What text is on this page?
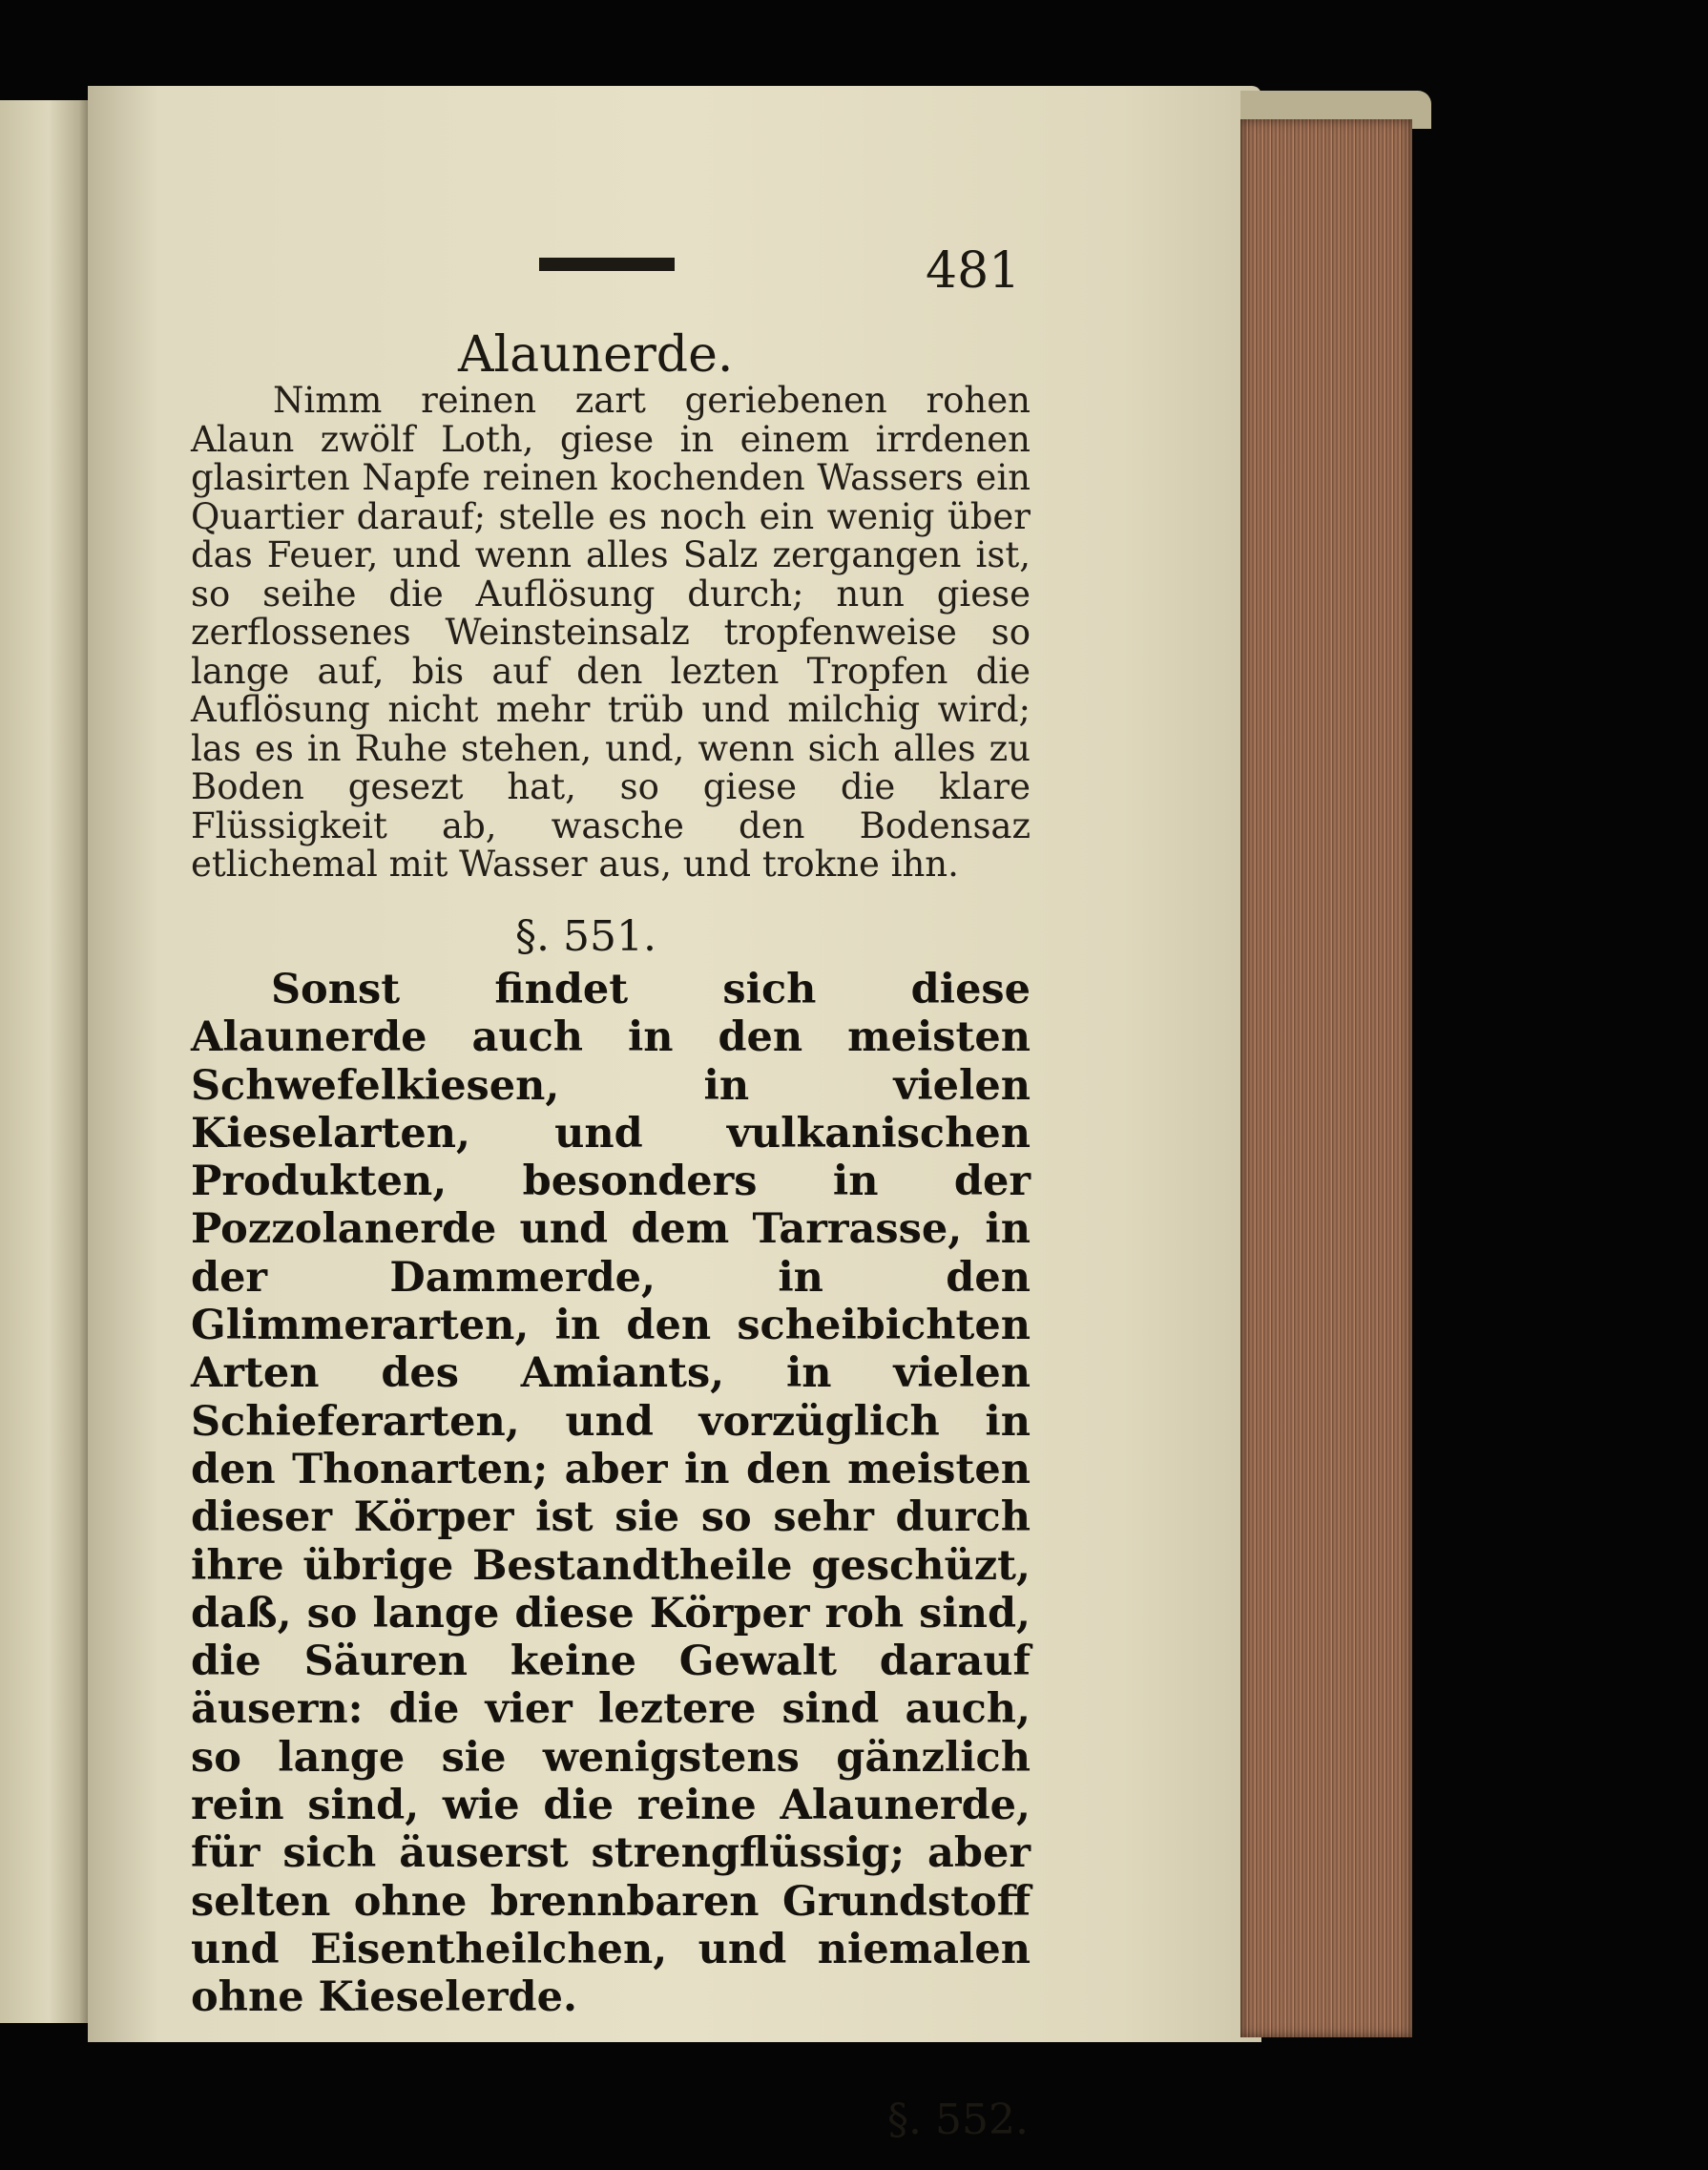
481
Alaunerde.
Nimm reinen zart geriebenen rohen Alaun zwölf Loth, giese in einem irrdenen glasirten Napfe reinen kochenden Wassers ein Quartier darauf; stelle es noch ein wenig über das Feuer, und wenn alles Salz zergangen ist, so seihe die Auflösung durch; nun giese zerflossenes Weinsteinsalz tropfenweise so lange auf, bis auf den lezten Tropfen die Auflösung nicht mehr trüb und milchig wird; las es in Ruhe stehen, und, wenn sich alles zu Boden gesezt hat, so giese die klare Flüssigkeit ab, wasche den Bodensaz etlichemal mit Wasser aus, und trokne ihn.
§. 551.
Sonst findet sich diese Alaunerde auch in den meisten Schwefelkiesen, in vielen Kieselarten, und vulkanischen Produkten, besonders in der Pozzolanerde und dem Tarrasse, in der Dammerde, in den Glimmerarten, in den scheibichten Arten des Amiants, in vielen Schieferarten, und vorzüglich in den Thonarten; aber in den meisten dieser Körper ist sie so sehr durch ihre übrige Bestandtheile geschüzt, daß, so lange diese Körper roh sind, die Säuren keine Gewalt darauf äusern: die vier leztere sind auch, so lange sie wenigstens gänzlich rein sind, wie die reine Alaunerde, für sich äuserst strengflüssig; aber selten ohne brennbaren Grundstoff und Eisentheilchen, und niemalen ohne Kieselerde.
§. 552.
